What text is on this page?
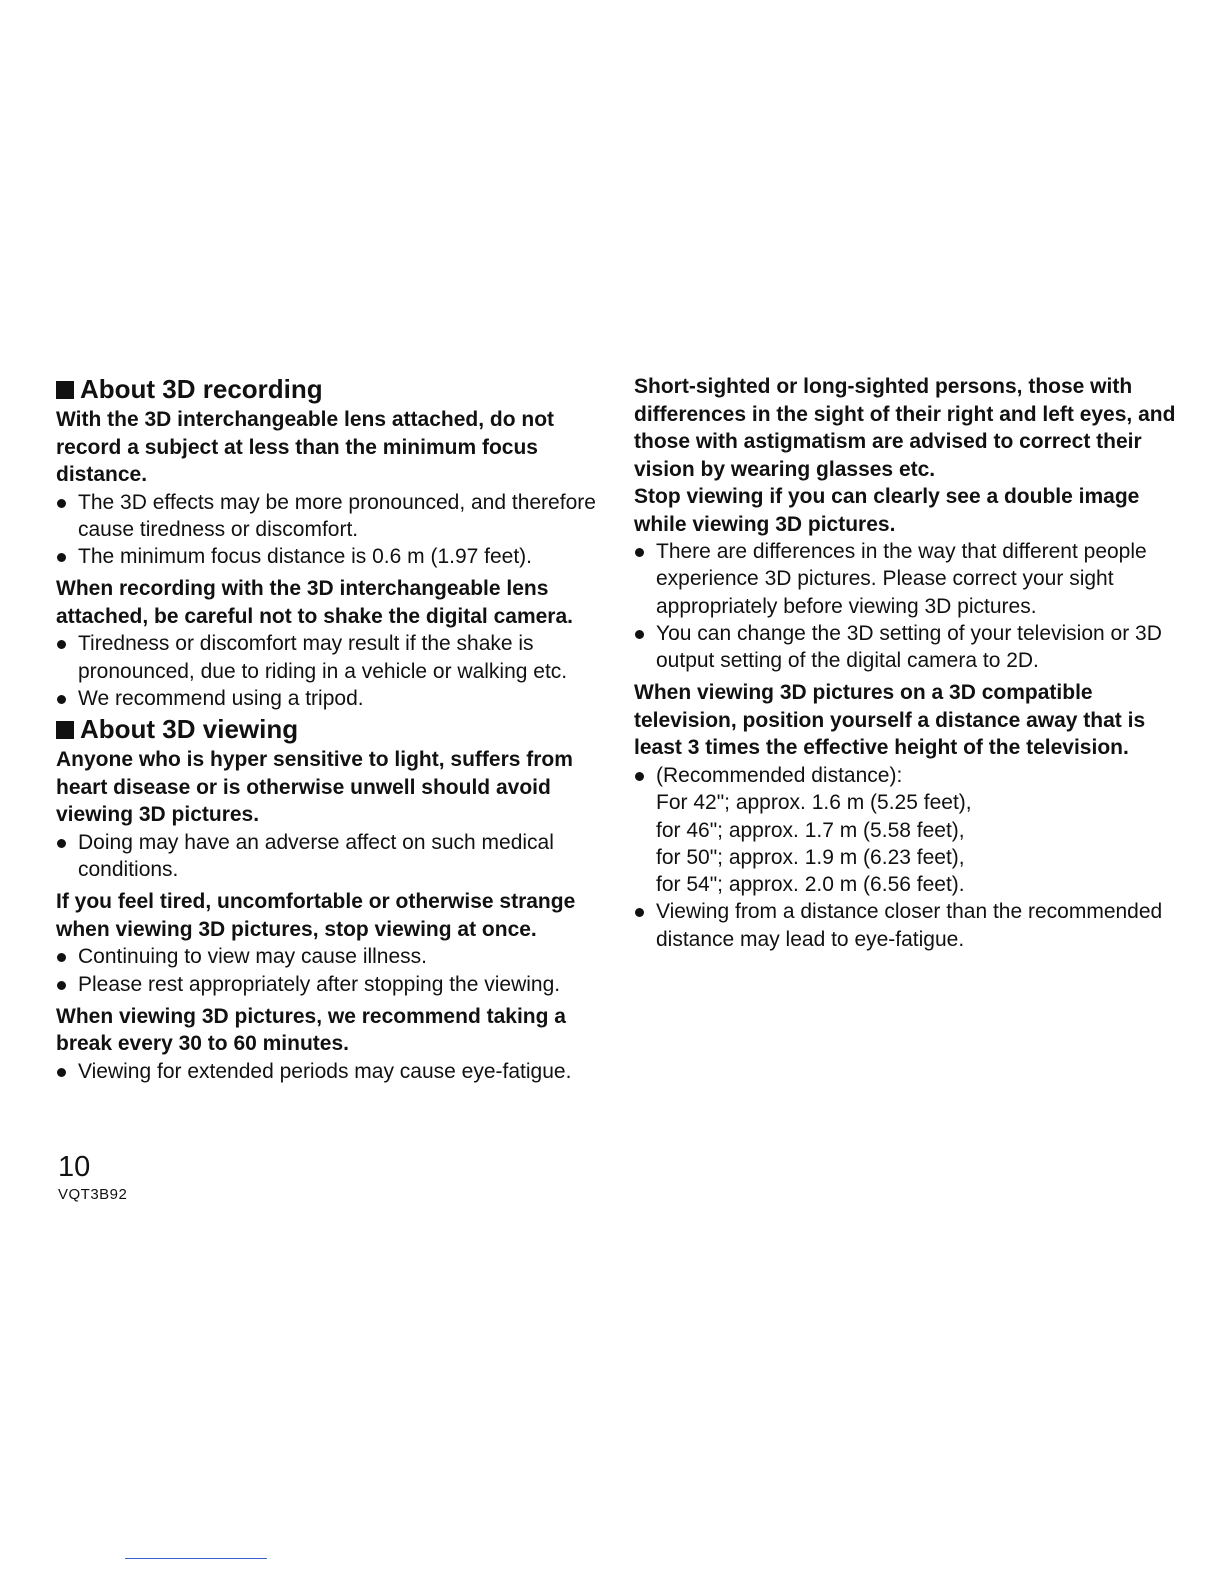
About 3D recording

With the 3D interchangeable lens attached, do not record a subject at less than the minimum focus distance.

The 3D effects may be more pronounced, and therefore cause tiredness or discomfort.

The minimum focus distance is 0.6 m (1.97 feet).

When recording with the 3D interchangeable lens attached, be careful not to shake the digital camera.

Tiredness or discomfort may result if the shake is pronounced, due to riding in a vehicle or walking etc.

We recommend using a tripod.

About 3D viewing

Anyone who is hyper sensitive to light, suffers from heart disease or is otherwise unwell should avoid viewing 3D pictures.

Doing may have an adverse affect on such medical conditions.

If you feel tired, uncomfortable or otherwise strange when viewing 3D pictures, stop viewing at once.

Continuing to view may cause illness.

Please rest appropriately after stopping the viewing.

When viewing 3D pictures, we recommend taking a break every 30 to 60 minutes.

Viewing for extended periods may cause eye-fatigue.

Short-sighted or long-sighted persons, those with differences in the sight of their right and left eyes, and those with astigmatism are advised to correct their vision by wearing glasses etc.

Stop viewing if you can clearly see a double image while viewing 3D pictures.

There are differences in the way that different people experience 3D pictures. Please correct your sight appropriately before viewing 3D pictures.

You can change the 3D setting of your television or 3D output setting of the digital camera to 2D.

When viewing 3D pictures on a 3D compatible television, position yourself a distance away that is least 3 times the effective height of the television.

(Recommended distance):
For 42"; approx. 1.6 m (5.25 feet),
for 46"; approx. 1.7 m (5.58 feet),
for 50"; approx. 1.9 m (6.23 feet),
for 54"; approx. 2.0 m (6.56 feet).

Viewing from a distance closer than the recommended distance may lead to eye-fatigue.

10
VQT3B92
